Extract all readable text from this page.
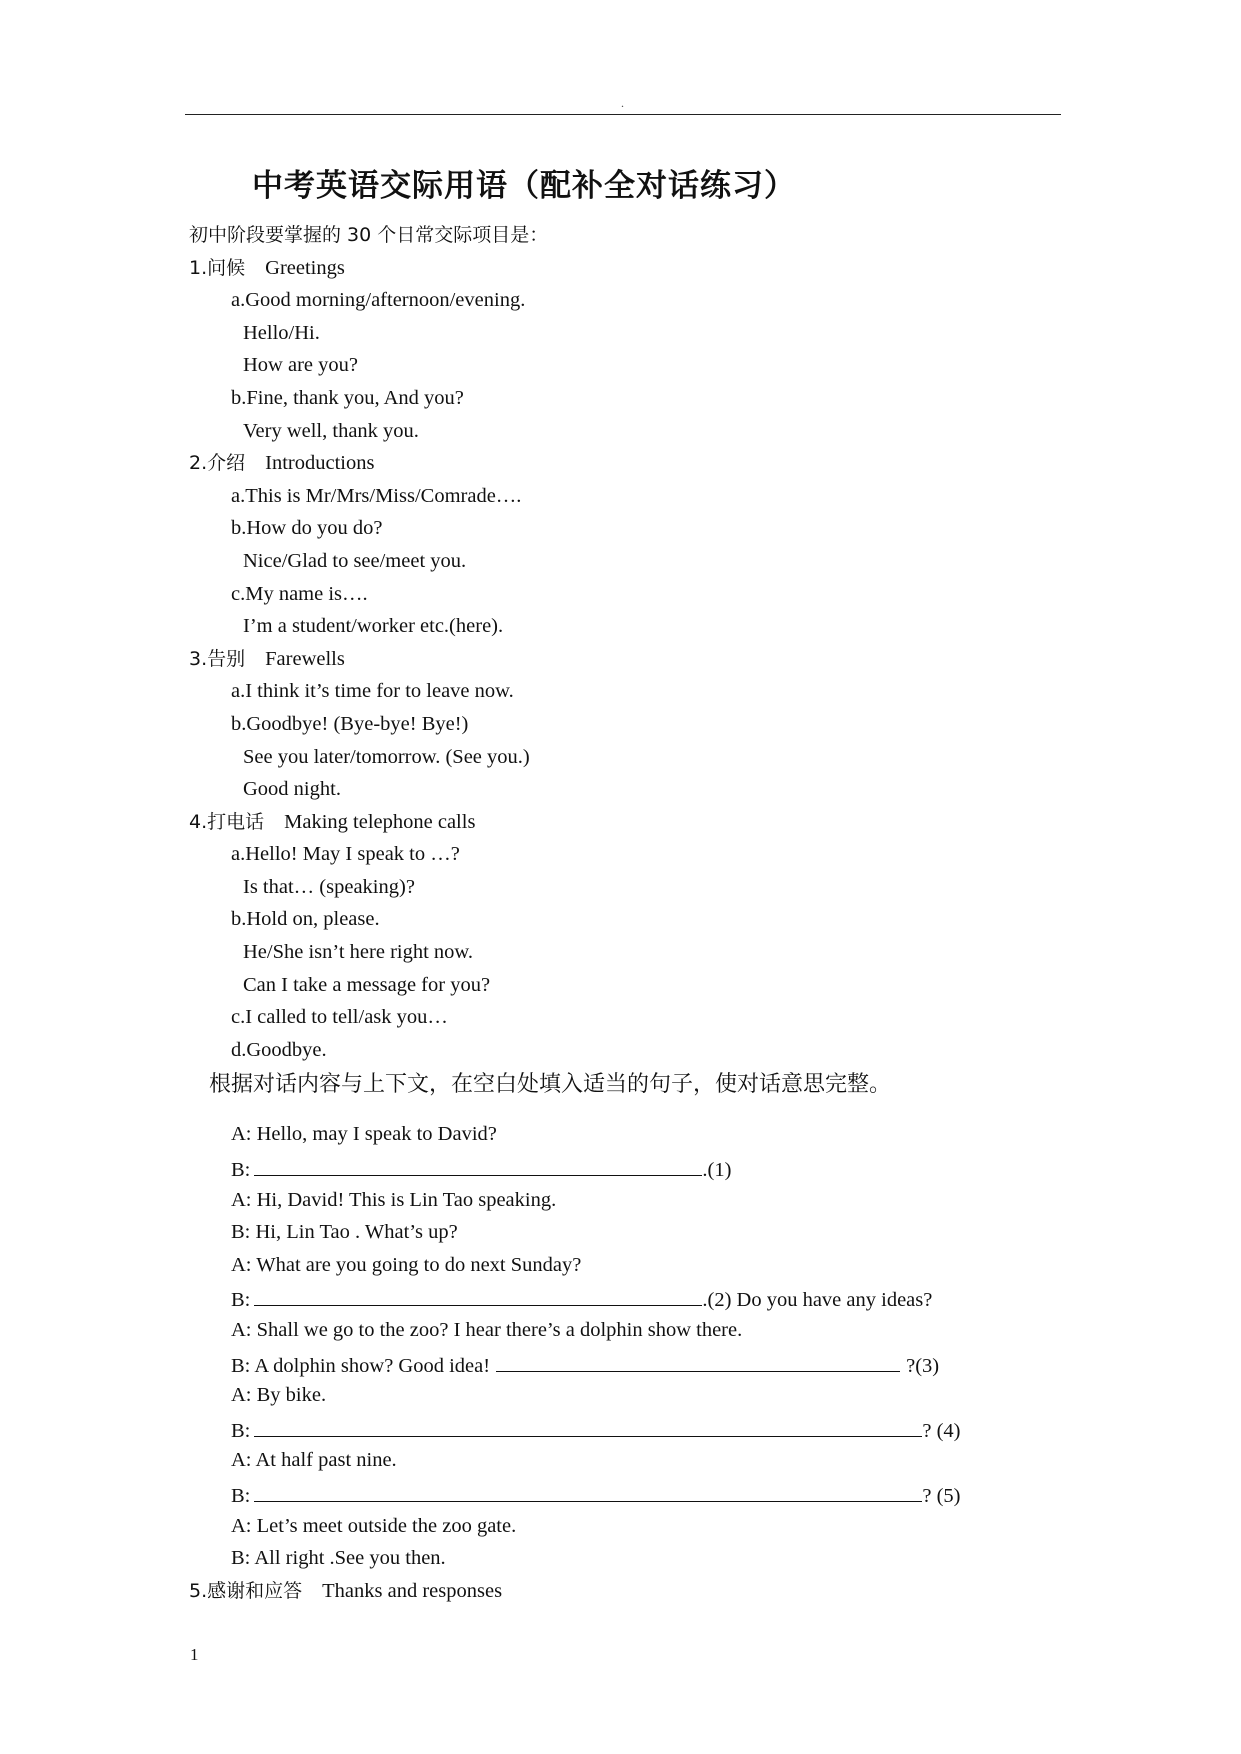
.
中考英语交际用语（配补全对话练习）
初中阶段要掌握的 30 个日常交际项目是：
1.问候 Greetings
a.Good morning/afternoon/evening.
Hello/Hi.
How are you?
b.Fine, thank you, And you?
Very well, thank you.
2.介绍 Introductions
a.This is Mr/Mrs/Miss/Comrade….
b.How do you do?
Nice/Glad to see/meet you.
c.My name is….
I’m a student/worker etc.(here).
3.告别 Farewells
a.I think it’s time for to leave now.
b.Goodbye! (Bye-bye! Bye!)
See you later/tomorrow. (See you.)
Good night.
4.打电话 Making telephone calls
a.Hello! May I speak to …?
Is that… (speaking)?
b.Hold on, please.
He/She isn’t here right now.
Can I take a message for you?
c.I called to tell/ask you…
d.Goodbye.
根据对话内容与上下文，在空白处填入适当的句子，使对话意思完整。
A: Hello, may I speak to David?
B:	.(1)
A: Hi, David! This is Lin Tao speaking.
B: Hi, Lin Tao . What’s up?
A: What are you going to do next Sunday?
B:	.(2) Do you have any ideas?
A: Shall we go to the zoo? I hear there’s a dolphin show there.
B: A dolphin show? Good idea!	?(3)
A: By bike.
B:	? (4)
A: At half past nine.
B:	? (5)
A: Let’s meet outside the zoo gate.
B: All right .See you then.
5.感谢和应答 Thanks and responses
1
